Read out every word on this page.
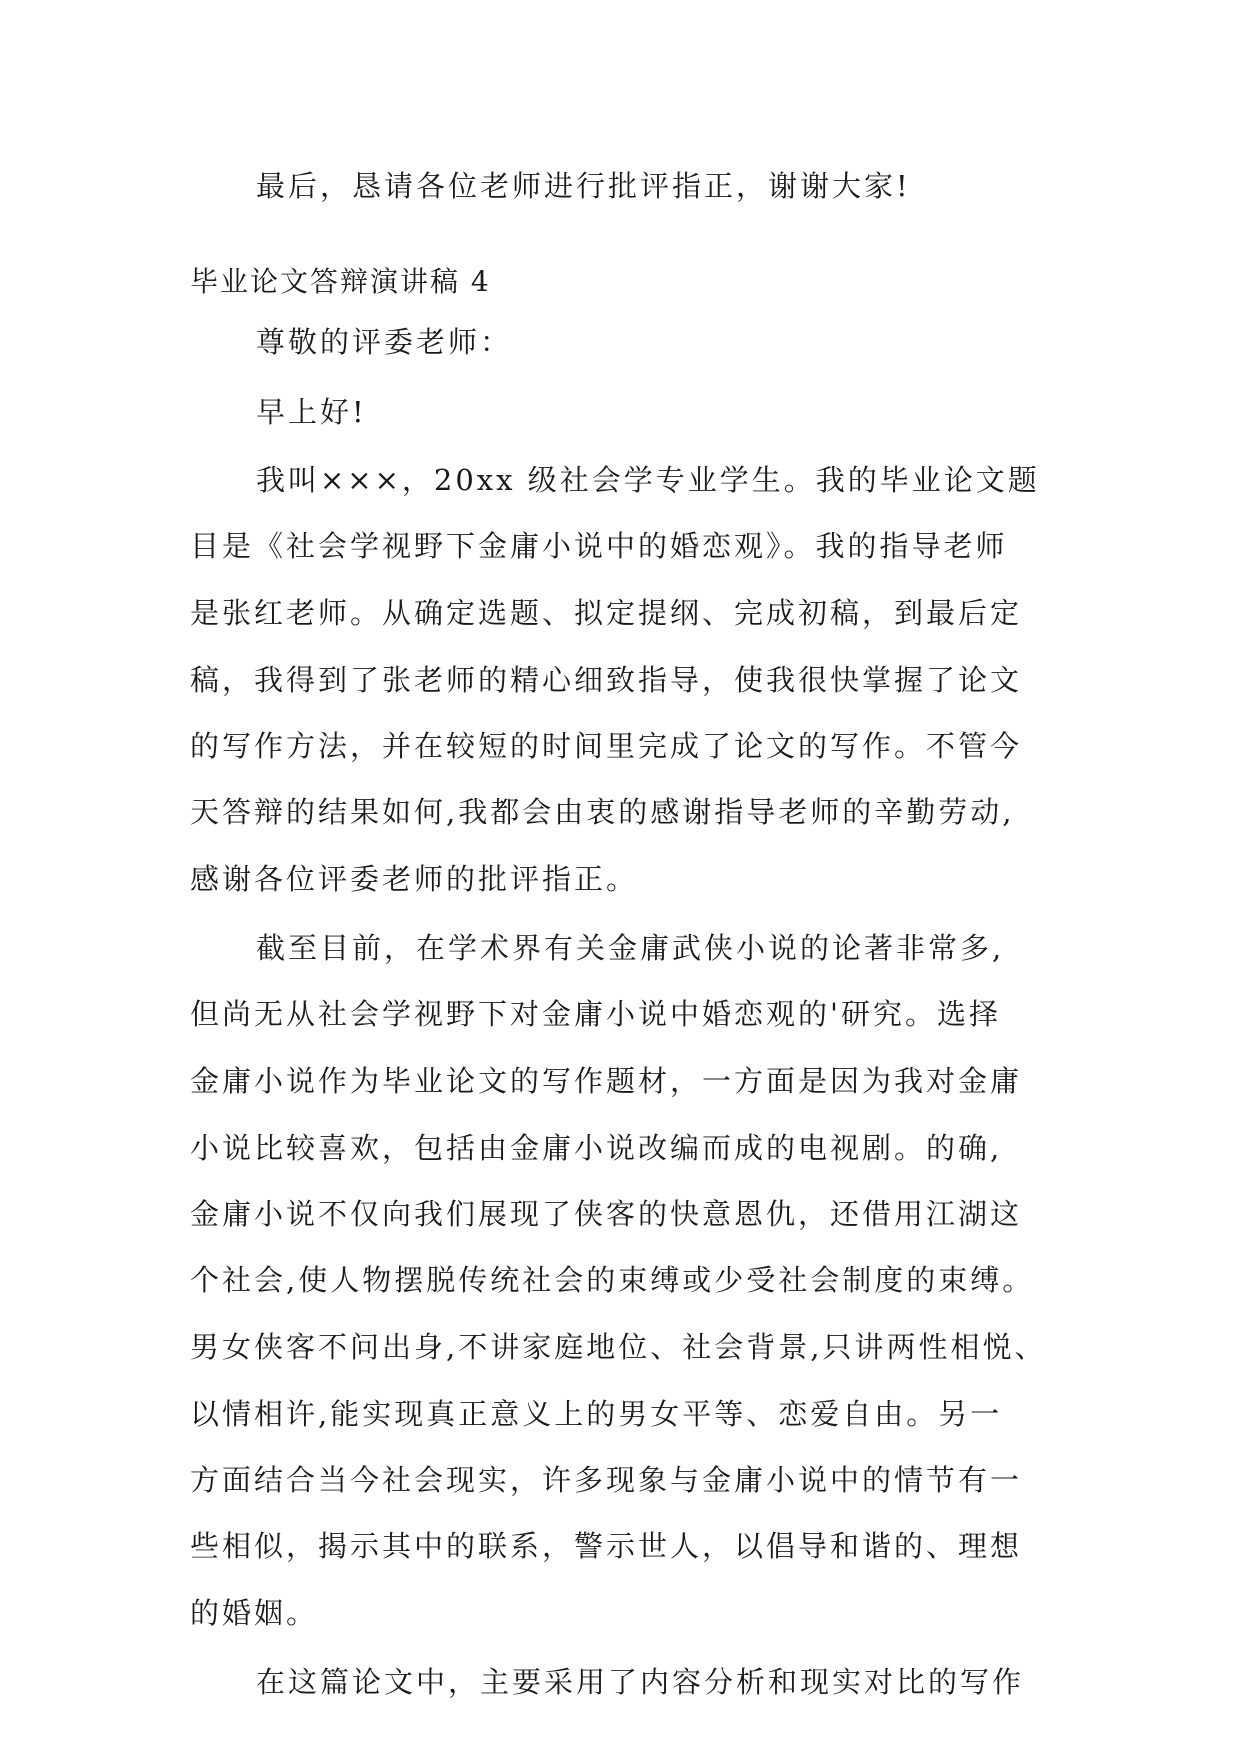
最后，恳请各位老师进行批评指正，谢谢大家!

毕业论文答辩演讲稿 4

尊敬的评委老师：

早上好!

我叫×××，20xx 级社会学专业学生。我的毕业论文题

目是《社会学视野下金庸小说中的婚恋观》。我的指导老师

是张红老师。从确定选题、拟定提纲、完成初稿，到最后定

稿，我得到了张老师的精心细致指导，使我很快掌握了论文

的写作方法，并在较短的时间里完成了论文的写作。不管今

天答辩的结果如何,我都会由衷的感谢指导老师的辛勤劳动,

感谢各位评委老师的批评指正。

截至目前，在学术界有关金庸武侠小说的论著非常多,

但尚无从社会学视野下对金庸小说中婚恋观的'研究。选择

金庸小说作为毕业论文的写作题材，一方面是因为我对金庸

小说比较喜欢，包括由金庸小说改编而成的电视剧。的确,

金庸小说不仅向我们展现了侠客的快意恩仇，还借用江湖这

个社会,使人物摆脱传统社会的束缚或少受社会制度的束缚。

男女侠客不问出身,不讲家庭地位、社会背景,只讲两性相悦、

以情相许,能实现真正意义上的男女平等、恋爱自由。另一

方面结合当今社会现实，许多现象与金庸小说中的情节有一

些相似，揭示其中的联系，警示世人，以倡导和谐的、理想

的婚姻。

在这篇论文中，主要采用了内容分析和现实对比的写作
